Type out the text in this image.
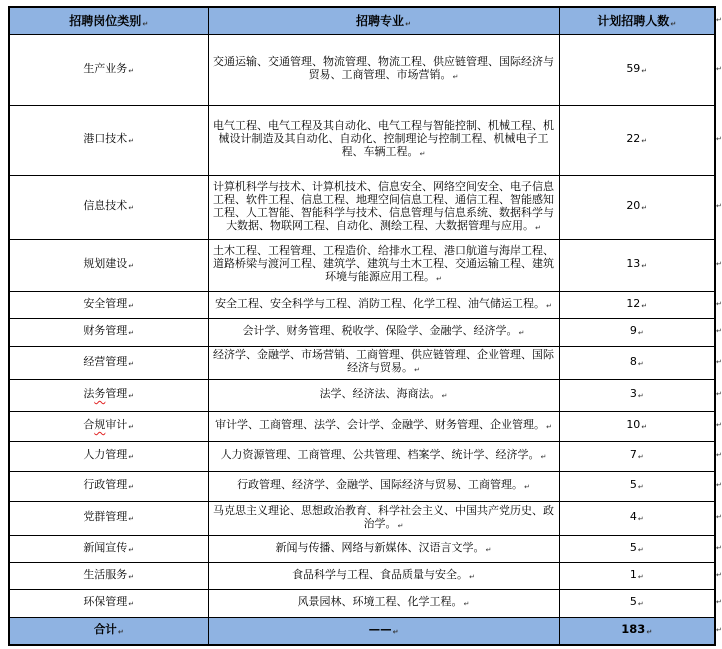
招聘岗位类别↵	招聘专业↵	计划招聘人数↵
生产业务↵	交通运输、交通管理、物流管理、物流工程、供应链管理、国际经济与贸易、工商管理、市场营销。↵	59↵
港口技术↵	电气工程、电气工程及其自动化、电气工程与智能控制、机械工程、机械设计制造及其自动化、自动化、控制理论与控制工程、机械电子工程、车辆工程。↵	22↵
信息技术↵	计算机科学与技术、计算机技术、信息安全、网络空间安全、电子信息工程、软件工程、信息工程、地理空间信息工程、通信工程、智能感知工程、人工智能、智能科学与技术、信息管理与信息系统、数据科学与大数据、物联网工程、自动化、测绘工程、大数据管理与应用。↵	20↵
规划建设↵	土木工程、工程管理、工程造价、给排水工程、港口航道与海岸工程、道路桥梁与渡河工程、建筑学、建筑与土木工程、交通运输工程、建筑环境与能源应用工程。↵	13↵
安全管理↵	安全工程、安全科学与工程、消防工程、化学工程、油气储运工程。↵	12↵
财务管理↵	会计学、财务管理、税收学、保险学、金融学、经济学。↵	9↵
经营管理↵	经济学、金融学、市场营销、工商管理、供应链管理、企业管理、国际经济与贸易。↵	8↵
法务管理↵	法学、经济法、海商法。↵	3↵
合规审计↵	审计学、工商管理、法学、会计学、金融学、财务管理、企业管理。↵	10↵
人力管理↵	人力资源管理、工商管理、公共管理、档案学、统计学、经济学。↵	7↵
行政管理↵	行政管理、经济学、金融学、国际经济与贸易、工商管理。↵	5↵
党群管理↵	马克思主义理论、思想政治教育、科学社会主义、中国共产党历史、政治学。↵	4↵
新闻宣传↵	新闻与传播、网络与新媒体、汉语言文学。↵	5↵
生活服务↵	食品科学与工程、食品质量与安全。↵	1↵
环保管理↵	风景园林、环境工程、化学工程。↵	5↵
合计↵	——↵	183↵
↵
↵
↵
↵
↵
↵
↵
↵
↵
↵
↵
↵
↵
↵
↵
↵
↵
